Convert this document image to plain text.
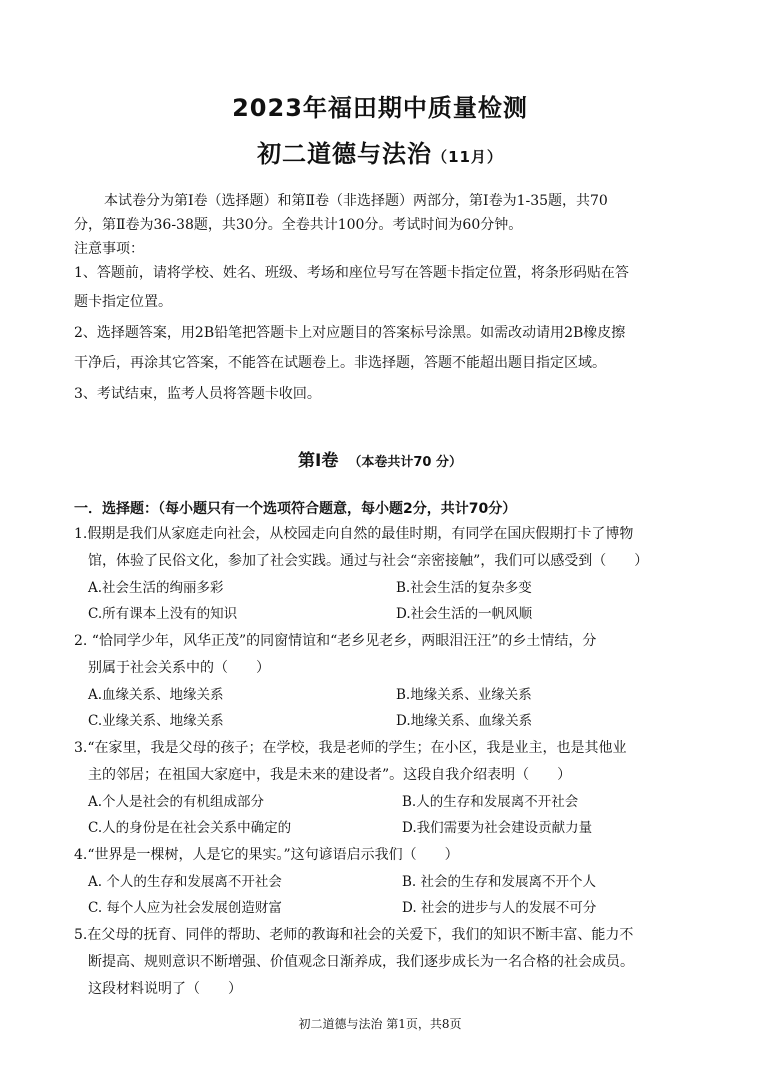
2023年福田期中质量检测
初二道德与法治（11月）
本试卷分为第Ⅰ卷（选择题）和第Ⅱ卷（非选择题）两部分，第Ⅰ卷为1-35题，共70
分，第Ⅱ卷为36-38题，共30分。全卷共计100分。考试时间为60分钟。
注意事项：
1、答题前，请将学校、姓名、班级、考场和座位号写在答题卡指定位置，将条形码贴在答
题卡指定位置。
2、选择题答案，用2B铅笔把答题卡上对应题目的答案标号涂黑。如需改动请用2B橡皮擦
干净后，再涂其它答案，不能答在试题卷上。非选择题，答题不能超出题目指定区域。
3、考试结束，监考人员将答题卡收回。
第Ⅰ卷 （本卷共计70 分）
一．选择题：（每小题只有一个选项符合题意，每小题2分，共计70分）
1.假期是我们从家庭走向社会，从校园走向自然的最佳时期，有同学在国庆假期打卡了博物
馆，体验了民俗文化，参加了社会实践。通过与社会“亲密接触”，我们可以感受到（　　）
A.社会生活的绚丽多彩	B.社会生活的复杂多变
C.所有课本上没有的知识	D.社会生活的一帆风顺
2. “恰同学少年，风华正茂”的同窗情谊和“老乡见老乡，两眼泪汪汪”的乡土情结，分
别属于社会关系中的（　　）
A.血缘关系、地缘关系	B.地缘关系、业缘关系
C.业缘关系、地缘关系	D.地缘关系、血缘关系
3.“在家里，我是父母的孩子；在学校，我是老师的学生；在小区，我是业主，也是其他业
主的邻居；在祖国大家庭中，我是未来的建设者”。这段自我介绍表明（　　）
A.个人是社会的有机组成部分	B.人的生存和发展离不开社会
C.人的身份是在社会关系中确定的	D.我们需要为社会建设贡献力量
4.“世界是一棵树，人是它的果实。”这句谚语启示我们（　　）
A. 个人的生存和发展离不开社会	B. 社会的生存和发展离不开个人
C. 每个人应为社会发展创造财富	D. 社会的进步与人的发展不可分
5.在父母的抚育、同伴的帮助、老师的教诲和社会的关爱下，我们的知识不断丰富、能力不
断提高、规则意识不断增强、价值观念日渐养成，我们逐步成长为一名合格的社会成员。
这段材料说明了（　　）
初二道德与法治 第1页，共8页
